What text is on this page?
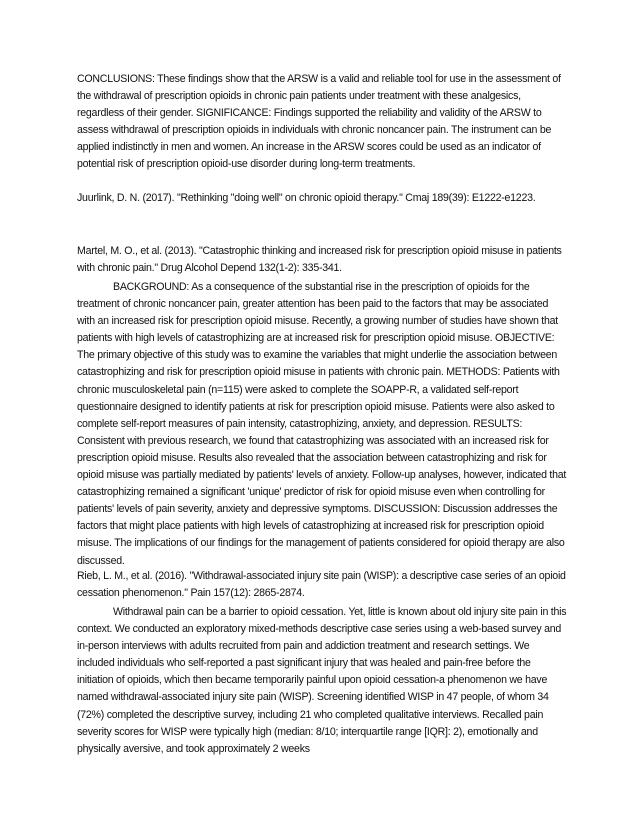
CONCLUSIONS: These findings show that the ARSW is a valid and reliable tool for use in the assessment of the withdrawal of prescription opioids in chronic pain patients under treatment with these analgesics, regardless of their gender. SIGNIFICANCE: Findings supported the reliability and validity of the ARSW to assess withdrawal of prescription opioids in individuals with chronic noncancer pain. The instrument can be applied indistinctly in men and women. An increase in the ARSW scores could be used as an indicator of potential risk of prescription opioid-use disorder during long-term treatments.

Juurlink, D. N. (2017). "Rethinking "doing well" on chronic opioid therapy." Cmaj 189(39): E1222-e1223.

Martel, M. O., et al. (2013). "Catastrophic thinking and increased risk for prescription opioid misuse in patients with chronic pain." Drug Alcohol Depend 132(1-2): 335-341.

BACKGROUND: As a consequence of the substantial rise in the prescription of opioids for the treatment of chronic noncancer pain, greater attention has been paid to the factors that may be associated with an increased risk for prescription opioid misuse. Recently, a growing number of studies have shown that patients with high levels of catastrophizing are at increased risk for prescription opioid misuse. OBJECTIVE: The primary objective of this study was to examine the variables that might underlie the association between catastrophizing and risk for prescription opioid misuse in patients with chronic pain. METHODS: Patients with chronic musculoskeletal pain (n=115) were asked to complete the SOAPP-R, a validated self-report questionnaire designed to identify patients at risk for prescription opioid misuse. Patients were also asked to complete self-report measures of pain intensity, catastrophizing, anxiety, and depression. RESULTS: Consistent with previous research, we found that catastrophizing was associated with an increased risk for prescription opioid misuse. Results also revealed that the association between catastrophizing and risk for opioid misuse was partially mediated by patients' levels of anxiety. Follow-up analyses, however, indicated that catastrophizing remained a significant 'unique' predictor of risk for opioid misuse even when controlling for patients' levels of pain severity, anxiety and depressive symptoms. DISCUSSION: Discussion addresses the factors that might place patients with high levels of catastrophizing at increased risk for prescription opioid misuse. The implications of our findings for the management of patients considered for opioid therapy are also discussed.

Rieb, L. M., et al. (2016). "Withdrawal-associated injury site pain (WISP): a descriptive case series of an opioid cessation phenomenon." Pain 157(12): 2865-2874.

Withdrawal pain can be a barrier to opioid cessation. Yet, little is known about old injury site pain in this context. We conducted an exploratory mixed-methods descriptive case series using a web-based survey and in-person interviews with adults recruited from pain and addiction treatment and research settings. We included individuals who self-reported a past significant injury that was healed and pain-free before the initiation of opioids, which then became temporarily painful upon opioid cessation-a phenomenon we have named withdrawal-associated injury site pain (WISP). Screening identified WISP in 47 people, of whom 34 (72%) completed the descriptive survey, including 21 who completed qualitative interviews. Recalled pain severity scores for WISP were typically high (median: 8/10; interquartile range [IQR]: 2), emotionally and physically aversive, and took approximately 2 weeks
